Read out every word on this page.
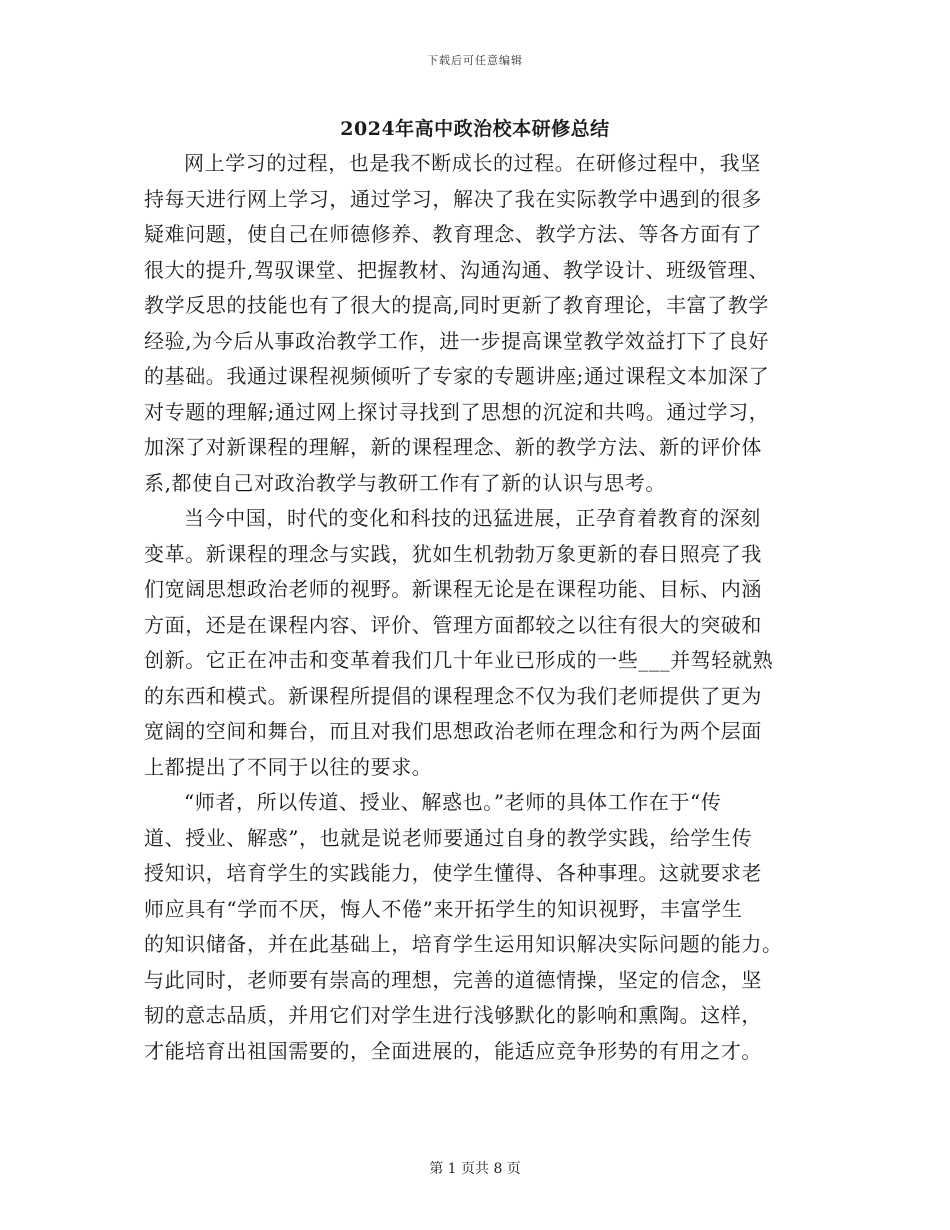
下载后可任意编辑
2024年高中政治校本研修总结

网上学习的过程，也是我不断成长的过程。在研修过程中，我坚
持每天进行网上学习，通过学习，解决了我在实际教学中遇到的很多
疑难问题，使自己在师德修养、教育理念、教学方法、等各方面有了
很大的提升,驾驭课堂、把握教材、沟通沟通、教学设计、班级管理、
教学反思的技能也有了很大的提高,同时更新了教育理论，丰富了教学
经验,为今后从事政治教学工作，进一步提高课堂教学效益打下了良好
的基础。我通过课程视频倾听了专家的专题讲座;通过课程文本加深了
对专题的理解;通过网上探讨寻找到了思想的沉淀和共鸣。通过学习，
加深了对新课程的理解，新的课程理念、新的教学方法、新的评价体
系,都使自己对政治教学与教研工作有了新的认识与思考。

当今中国，时代的变化和科技的迅猛进展，正孕育着教育的深刻
变革。新课程的理念与实践，犹如生机勃勃万象更新的春日照亮了我
们宽阔思想政治老师的视野。新课程无论是在课程功能、目标、内涵
方面，还是在课程内容、评价、管理方面都较之以往有很大的突破和
创新。它正在冲击和变革着我们几十年业已形成的一些___并驾轻就熟
的东西和模式。新课程所提倡的课程理念不仅为我们老师提供了更为
宽阔的空间和舞台，而且对我们思想政治老师在理念和行为两个层面
上都提出了不同于以往的要求。

“师者，所以传道、授业、解惑也。”老师的具体工作在于“传
道、授业、解惑”，也就是说老师要通过自身的教学实践，给学生传
授知识，培育学生的实践能力，使学生懂得、各种事理。这就要求老
师应具有“学而不厌，悔人不倦”来开拓学生的知识视野，丰富学生
的知识储备，并在此基础上，培育学生运用知识解决实际问题的能力。
与此同时，老师要有崇高的理想，完善的道德情操，坚定的信念，坚
韧的意志品质，并用它们对学生进行浅够默化的影响和熏陶。这样，
才能培育出祖国需要的，全面进展的，能适应竞争形势的有用之才。

第 1 页共 8 页
